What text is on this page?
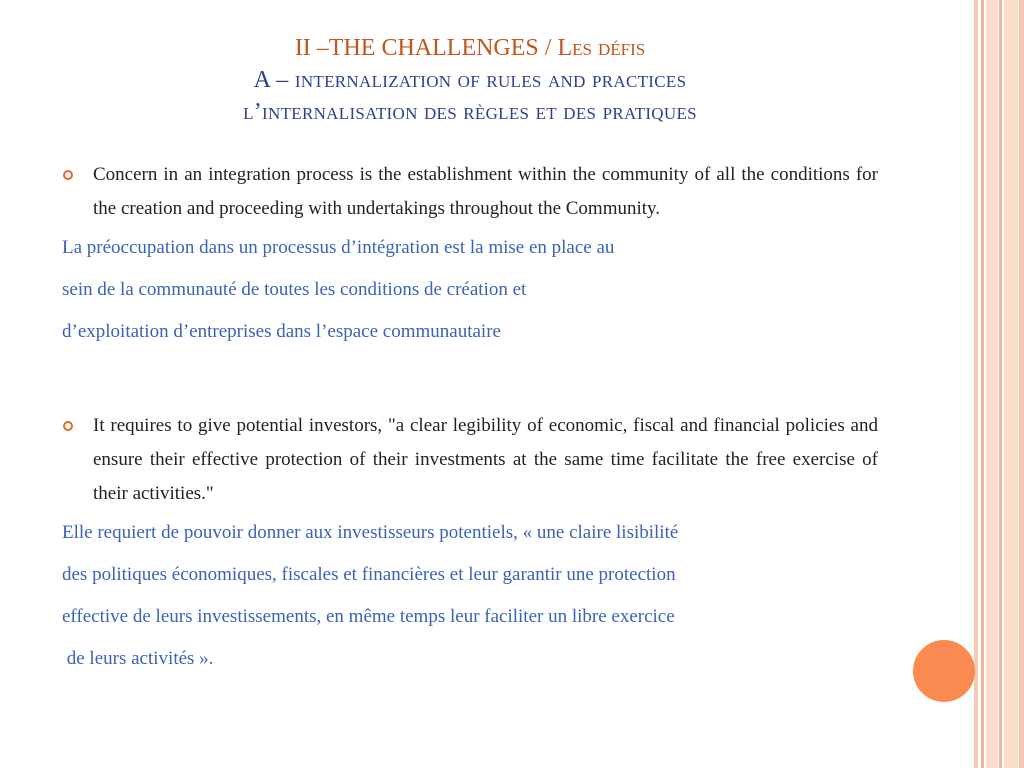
II –THE CHALLENGES / Les défis
A – internalization of rules and practices
l’internalisation des règles et des pratiques
Concern in an integration process is the establishment within the community of all the conditions for the creation and proceeding with undertakings throughout the Community.
La préoccupation dans un processus d’intégration est la mise en place au
sein de la communauté de toutes les conditions de création et
d’exploitation d’entreprises dans l’espace communautaire
It requires to give potential investors, "a clear legibility of economic, fiscal and financial policies and ensure their effective protection of their investments at the same time facilitate the free exercise of their activities."
Elle requiert de pouvoir donner aux investisseurs potentiels, « une claire lisibilité
des politiques économiques, fiscales et financières et leur garantir une protection
effective de leurs investissements, en même temps leur faciliter un libre exercice
de leurs activités ».
